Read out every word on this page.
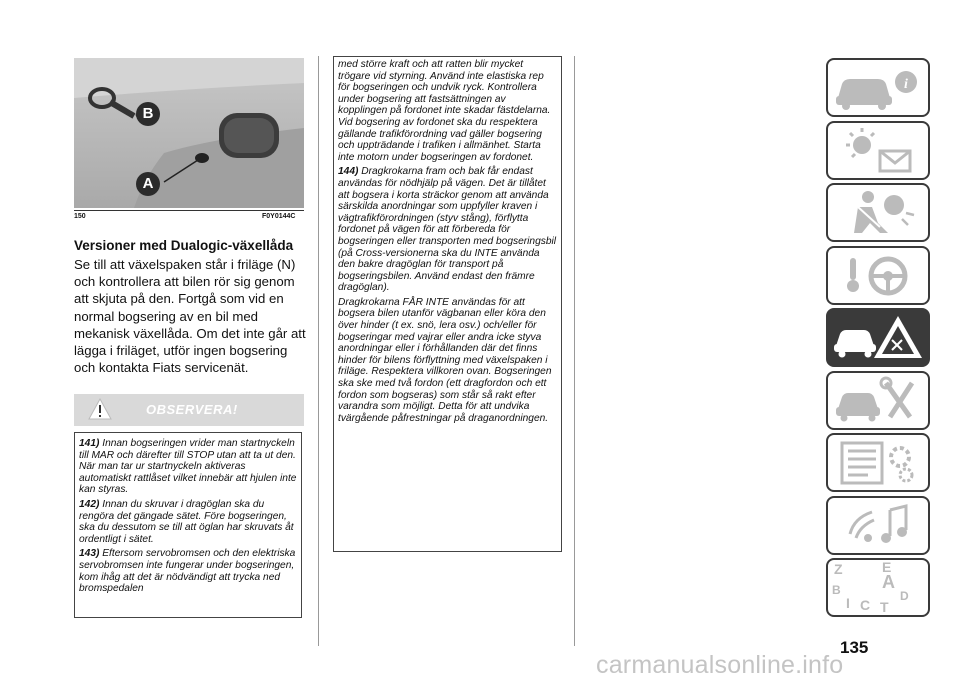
B
A
150	F0Y0144C
Versioner med Dualogic-växellåda

Se till att växelspaken står i friläge (N) och kontrollera att bilen rör sig genom att skjuta på den. Fortgå som vid en normal bogsering av en bil med mekanisk växellåda. Om det inte går att lägga i friläget, utför ingen bogsering och kontakta Fiats servicenät.

OBSERVERA!

141) Innan bogseringen vrider man startnyckeln till MAR och därefter till STOP utan att ta ut den. När man tar ur startnyckeln aktiveras automatiskt rattlåset vilket innebär att hjulen inte kan styras.

142) Innan du skruvar i dragöglan ska du rengöra det gängade sätet. Före bogseringen, ska du dessutom se till att öglan har skruvats åt ordentligt i sätet.

143) Eftersom servobromsen och den elektriska servobromsen inte fungerar under bogseringen, kom ihåg att det är nödvändigt att trycka ned bromspedalen

med större kraft och att ratten blir mycket trögare vid styrning. Använd inte elastiska rep för bogseringen och undvik ryck. Kontrollera under bogsering att fastsättningen av kopplingen på fordonet inte skadar fästdelarna. Vid bogsering av fordonet ska du respektera gällande trafikförordning vad gäller bogsering och uppträdande i trafiken i allmänhet. Starta inte motorn under bogseringen av fordonet.

144) Dragkrokarna fram och bak får endast användas för nödhjälp på vägen. Det är tillåtet att bogsera i korta sträckor genom att använda särskilda anordningar som uppfyller kraven i vägtrafikförordningen (styv stång), förflytta fordonet på vägen för att förbereda för bogseringen eller transporten med bogseringsbil (på Cross-versionerna ska du INTE använda den bakre dragöglan för transport på bogseringsbilen. Använd endast den främre dragöglan).

Dragkrokarna FÅR INTE användas för att bogsera bilen utanför vägbanan eller köra den över hinder (t ex. snö, lera osv.) och/eller för bogseringar med vajrar eller andra icke styva anordningar eller i förhållanden där det finns hinder för bilens förflyttning med växelspaken i friläge. Respektera villkoren ovan. Bogseringen ska ske med två fordon (ett dragfordon och ett fordon som bogseras) som står så rakt efter varandra som möjligt. Detta för att undvika tvärgående påfrestningar på draganordningen.

i
Z	E
B A
I C T
D
135
carmanualsonline.info
